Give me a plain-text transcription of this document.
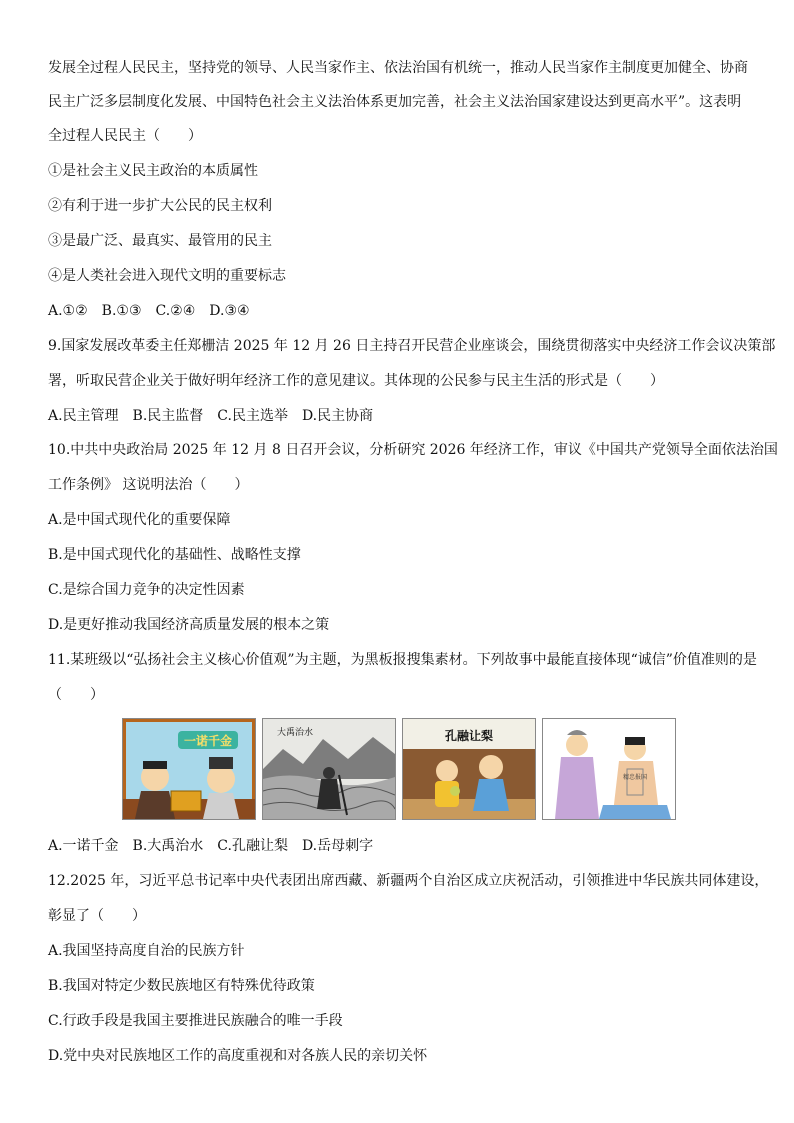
发展全过程人民民主，坚持党的领导、人民当家作主、依法治国有机统一，推动人民当家作主制度更加健全、协商
民主广泛多层制度化发展、中国特色社会主义法治体系更加完善，社会主义法治国家建设达到更高水平”。这表明
全过程人民民主（　　）
①是社会主义民主政治的本质属性
②有利于进一步扩大公民的民主权利
③是最广泛、最真实、最管用的民主
④是人类社会进入现代文明的重要标志
A.①②　B.①③　C.②④　D.③④
9.国家发展改革委主任郑栅洁 2025 年 12 月 26 日主持召开民营企业座谈会，围绕贯彻落实中央经济工作会议决策部
署，听取民营企业关于做好明年经济工作的意见建议。其体现的公民参与民主生活的形式是（　　）
A.民主管理　B.民主监督　C.民主选举　D.民主协商
10.中共中央政治局 2025 年 12 月 8 日召开会议，分析研究 2026 年经济工作，审议《中国共产党领导全面依法治国
工作条例》 这说明法治（　　）
A.是中国式现代化的重要保障
B.是中国式现代化的基础性、战略性支撑
C.是综合国力竞争的决定性因素
D.是更好推动我国经济高质量发展的根本之策
11.某班级以“弘扬社会主义核心价值观”为主题，为黑板报搜集素材。下列故事中最能直接体现“诚信”价值准则的是
（　　）
一诺千金
大禹治水	孔融让梨
精忠报国
A.一诺千金　B.大禹治水　C.孔融让梨　D.岳母刺字
12.2025 年，习近平总书记率中央代表团出席西藏、新疆两个自治区成立庆祝活动，引领推进中华民族共同体建设，
彰显了（　　）
A.我国坚持高度自治的民族方针
B.我国对特定少数民族地区有特殊优待政策
C.行政手段是我国主要推进民族融合的唯一手段
D.党中央对民族地区工作的高度重视和对各族人民的亲切关怀
